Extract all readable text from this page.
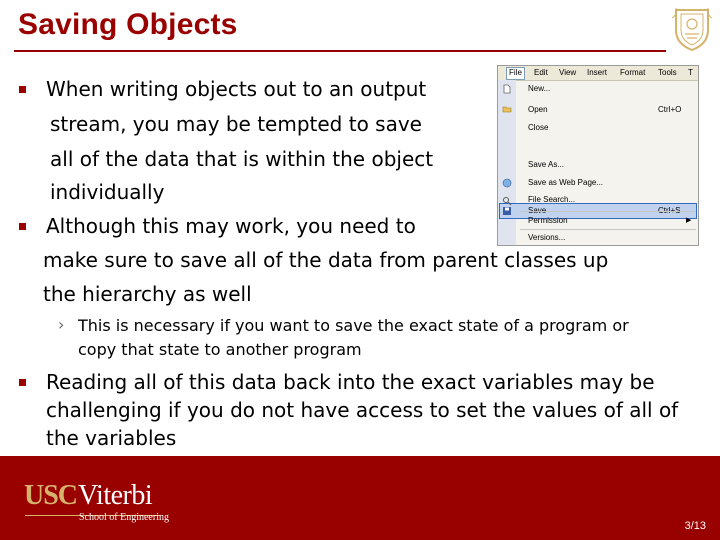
Saving Objects
When writing objects out to an output
stream, you may be tempted to save
all of the data that is within the object
individually
Although this may work, you need to
make sure to save all of the data from parent classes up
the hierarchy as well
› This is necessary if you want to save the exact state of a program or
copy that state to another program
Reading all of this data back into the exact variables may be
challenging if you do not have access to set the values of all of
the variables
File	Edit View Insert Format Tools T
New...
Open	Ctrl+O
Close
Save As...
Save as Web Page...
File Search...
Permission	▶
Versions...
USC Viterbi
School of Engineering
3/13
